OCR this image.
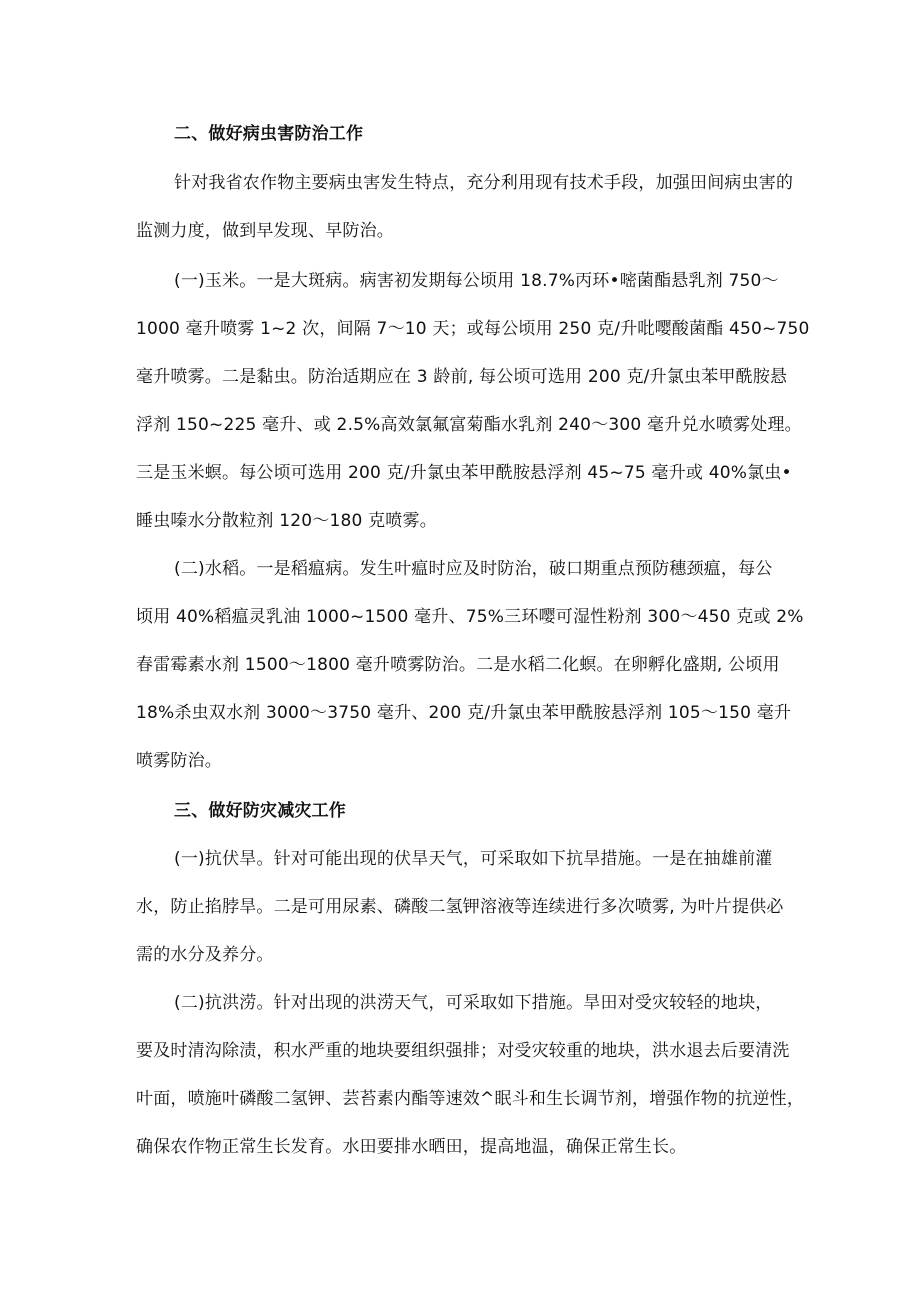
二、做好病虫害防治工作
针对我省农作物主要病虫害发生特点，充分利用现有技术手段，加强田间病虫害的
监测力度，做到早发现、早防治。
(一)玉米。一是大斑病。病害初发期每公顷用 18.7%丙环•嘧菌酯悬乳剂 750～
1000 毫升喷雾 1~2 次，间隔 7～10 天；或每公顷用 250 克/升吡嘤酸菌酯 450~750
毫升喷雾。二是黏虫。防治适期应在 3 龄前, 每公顷可选用 200 克/升氯虫苯甲酰胺悬
浮剂 150~225 毫升、或 2.5%高效氯氟富菊酯水乳剂 240～300 毫升兑水喷雾处理。
三是玉米螟。每公顷可选用 200 克/升氯虫苯甲酰胺悬浮剂 45~75 毫升或 40%氯虫•
睡虫嗪水分散粒剂 120～180 克喷雾。
(二)水稻。一是稻瘟病。发生叶瘟时应及时防治，破口期重点预防穗颈瘟，每公
顷用 40%稻瘟灵乳油 1000~1500 毫升、75%三环嘤可湿性粉剂 300～450 克或 2%
春雷霉素水剂 1500～1800 毫升喷雾防治。二是水稻二化螟。在卵孵化盛期, 公顷用
18%杀虫双水剂 3000～3750 毫升、200 克/升氯虫苯甲酰胺悬浮剂 105～150 毫升
喷雾防治。
三、做好防灾减灾工作
(一)抗伏旱。针对可能出现的伏旱天气，可采取如下抗旱措施。一是在抽雄前灌
水，防止掐脖旱。二是可用尿素、磷酸二氢钾溶液等连续进行多次喷雾, 为叶片提供必
需的水分及养分。
(二)抗洪涝。针对出现的洪涝天气，可采取如下措施。旱田对受灾较轻的地块，
要及时清沟除渍，积水严重的地块要组织强排；对受灾较重的地块，洪水退去后要清洗
叶面，喷施叶磷酸二氢钾、芸苔素内酯等速效^眠斗和生长调节剂，增强作物的抗逆性，
确保农作物正常生长发育。水田要排水晒田，提高地温，确保正常生长。
